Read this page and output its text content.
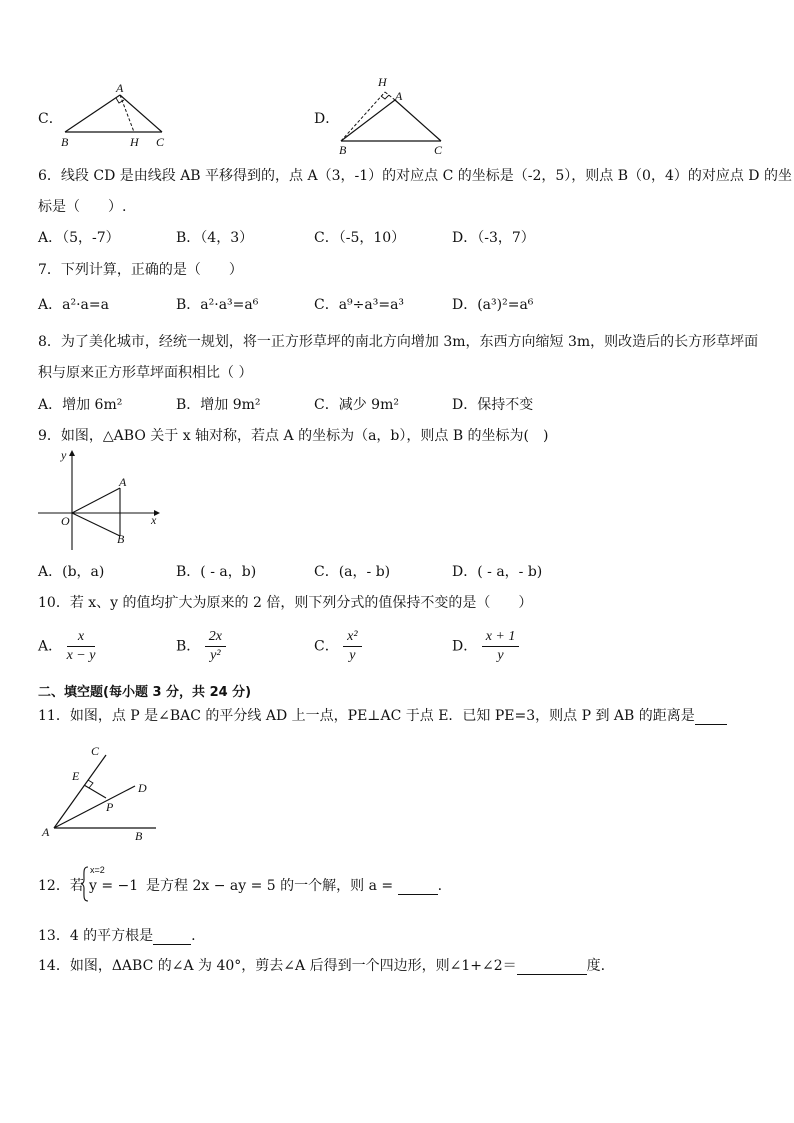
C．
A
B	H C
D．
H
A
B	C
6．线段 CD 是由线段 AB 平移得到的，点 A（3，-1）的对应点 C 的坐标是（-2，5），则点 B（0，4）的对应点 D 的坐
标是（　　）.
A．（5，-7）	B．（4，3）	C．（-5，10）	D．（-3，7）
7．下列计算，正确的是（　　）
A．a²·a=a	B．a²·a³=a⁶	C．a⁹÷a³=a³	D．(a³)²=a⁶
8．为了美化城市，经统一规划，将一正方形草坪的南北方向增加 3m，东西方向缩短 3m，则改造后的长方形草坪面
积与原来正方形草坪面积相比（ ）
A．增加 6m²	B．增加 9m²	C．减少 9m²	D．保持不变
9．如图，△ABO 关于 x 轴对称，若点 A 的坐标为（a，b），则点 B 的坐标为(　)
y
x
O
A
B
A．(b，a)	B．( - a，b)	C．(a，- b)	D．( - a，- b)
10．若 x、y 的值均扩大为原来的 2 倍，则下列分式的值保持不变的是（　　）
A． $\frac{x}{x - y}$	B． $\frac{2x}{\text{y²}}$	C． $\frac{\text{x²}}{y}$	D． $\frac{x + 1}{y}$
二、填空题(每小题 3 分，共 24 分)
11．如图，点 P 是∠BAC 的平分线 AD 上一点，PE⊥AC 于点 E．已知 PE=3，则点 P 到 AB 的距离是
C
E
D
P
A	B
12．若
x=2
y = −1 是方程 2x − ay = 5 的一个解，则 a =	.
13．4 的平方根是	.
14．如图，ΔABC 的∠A 为 40°，剪去∠A 后得到一个四边形，则∠1+∠2＝	度.
